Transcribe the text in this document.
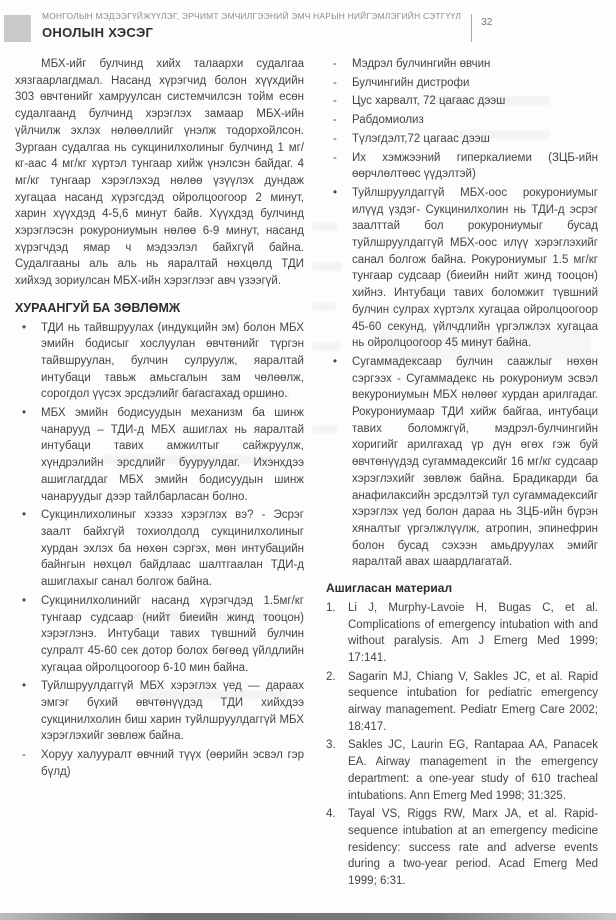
МОНГОЛЫН МЭДЭЭГҮЙЖҮҮЛЭГ, ЭРЧИМТ ЭМЧИЛГЭЭНИЙ ЭМЧ НАРЫН НИЙГЭМЛЭГИЙН СЭТГҮҮЛ
ОНОЛЫН ХЭСЭГ
32

МБХ-ийг булчинд хийх талаархи судалгаа хязгаарлагдмал. Насанд хүрэгчид болон хүүхдийн 303 өвчтөнийг хамруулсан системчилсэн тойм есөн судалгаанд булчинд хэрэглэх замаар МБХ-ийн үйлчилж эхлэх нөлөөллийг үнэлж тодорхойлсон. Зургаан судалгаа нь сукцинилхолиныг булчинд 1 мг/кг-аас 4 мг/кг хүртэл тунгаар хийж үнэлсэн байдаг. 4 мг/кг тунгаар хэрэглэхэд нөлөө үзүүлэх дундаж хугацаа насанд хүрэгсдэд ойролцоогоор 2 минут, харин хүүхдэд 4-5,6 минут байв. Хүүхдэд булчинд хэрэглэсэн рокурониумын нөлөө 6-9 минут, насанд хүрэгчдэд ямар ч мэдээлэл байхгүй байна. Судалгааны аль аль нь яаралтай нөхцөлд ТДИ хийхэд зориулсан МБХ-ийн хэрэглээг авч үзээгүй.

ХУРААНГУЙ БА ЗӨВЛӨМЖ
• ТДИ нь тайвшруулах (индукцийн эм) болон МБХ эмийн бодисыг хослуулан өвчтөнийг түргэн тайвшруулан, булчин сулруулж, яаралтай интубаци тавьж амьсгалын зам чөлөөлж, сорогдол үүсэх эрсдэлийг багасгахад оршино.
• МБХ эмийн бодисуудын механизм ба шинж чанарууд – ТДИ-д МБХ ашиглах нь яаралтай интубаци тавих амжилтыг сайжруулж, хүндрэлийн эрсдлийг бууруулдаг. Ихэнхдээ ашиглагддаг МБХ эмийн бодисуудын шинж чанаруудыг дээр тайлбарласан болно.
• Сукцинлихолиныг хэзээ хэрэглэх вэ? - Эсрэг заалт байхгүй тохиолдолд сукцинилхолиныг хурдан эхлэх ба нөхөн сэргэх, мөн интубацийн байнгын нөхцөл байдлаас шалтгаалан ТДИ-д ашиглахыг санал болгож байна.
• Сукцинилхолинийг насанд хүрэгчдэд 1.5мг/кг тунгаар судсаар (нийт биеийн жинд тооцон) хэрэглэнэ. Интубаци тавих түвшний булчин сулралт 45-60 сек дотор болох бөгөөд үйлдлийн хугацаа ойролцоогоор 6-10 мин байна.
• Туйлшруулдаггүй МБХ хэрэглэх үед — дараах эмгэг бүхий өвчтөнүүдэд ТДИ хийхдээ сукцинилхолин биш харин туйлшруулдаггүй МБХ хэрэглэхийг зөвлөж байна.
- Хоруу халууралт өвчний түүх (өөрийн эсвэл гэр бүлд)
- Мэдрэл булчингийн өвчин
- Булчингийн дистрофи
- Цус харвалт, 72 цагаас дээш
- Рабдомиолиз
- Түлэгдэлт,72 цагаас дээш
- Их хэмжээний гиперкалиеми (ЗЦБ-ийн өөрчлөлтөөс үүдэлтэй)
• Туйлшруулдаггүй МБХ-оос рокурониумыг илүүд үздэг- Сукцинилхолин нь ТДИ-д эсрэг заалттай бол рокурониумыг бусад туйлшруулдаггүй МБХ-оос илүү хэрэглэхийг санал болгож байна. Рокурониумыг 1.5 мг/кг тунгаар судсаар (биеийн нийт жинд тооцон) хийнэ. Интубаци тавих боломжит түвшний булчин сулрах хүртэлх хугацаа ойролцоогоор 45-60 секунд, үйлчдлийн үргэлжлэх хугацаа нь ойролцоогоор 45 минут байна.
• Сугаммадексаар булчин саажлыг нөхөн сэргээх - Сугаммадекс нь рокурониум эсвэл векурониумын МБХ нөлөөг хурдан арилгадаг. Рокурониумаар ТДИ хийж байгаа, интубаци тавих боломжгүй, мэдрэл-булчингийн хоригийг арилгахад үр дүн өгөх гэж буй өвчтөнүүдэд сугаммадексийг 16 мг/кг судсаар хэрэглэхийг зөвлөж байна. Брадикарди ба анафилаксийн эрсдэлтэй тул сугаммадексийг хэрэглэх үед болон дараа нь ЗЦБ-ийн бүрэн хяналтыг үргэлжлүүлж, атропин, эпинефрин болон бусад сэхээн амьдруулах эмийг яаралтай авах шаардлагатай.
Ашигласан материал
1. Li J, Murphy-Lavoie H, Bugas C, et al. Complications of emergency intubation with and without paralysis. Am J Emerg Med 1999; 17:141.
2. Sagarin MJ, Chiang V, Sakles JC, et al. Rapid sequence intubation for pediatric emergency airway management. Pediatr Emerg Care 2002; 18:417.
3. Sakles JC, Laurin EG, Rantapaa AA, Panacek EA. Airway management in the emergency department: a one-year study of 610 tracheal intubations. Ann Emerg Med 1998; 31:325.
4. Tayal VS, Riggs RW, Marx JA, et al. Rapid-sequence intubation at an emergency medicine residency: success rate and adverse events during a two-year period. Acad Emerg Med 1999; 6:31.
